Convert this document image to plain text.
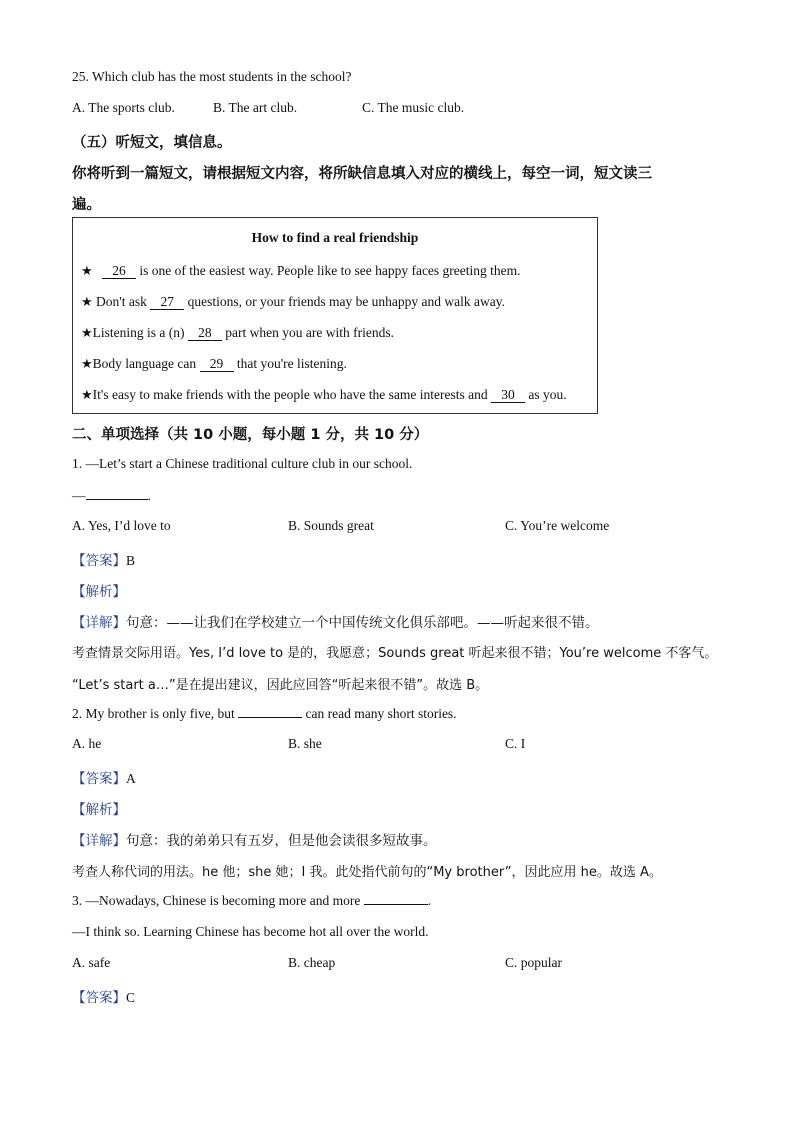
25. Which club has the most students in the school?
A. The sports club.	B. The art club.	C. The music club.
（五）听短文，填信息。
你将听到一篇短文，请根据短文内容，将所缺信息填入对应的横线上，每空一词，短文读三
遍。
How to find a real friendship
★ 26 is one of the easiest way. People like to see happy faces greeting them.
★ Don't ask 27 questions, or your friends may be unhappy and walk away.
★Listening is a (n) 28 part when you are with friends.
★Body language can 29 that you're listening.
★It's easy to make friends with the people who have the same interests and 30 as you.
二、单项选择（共 10 小题，每小题 1 分，共 10 分）
1. —Let’s start a Chinese traditional culture club in our school.
—	.
A. Yes, I’d love to	B. Sounds great	C. You’re welcome
【答案】B
【解析】
【详解】句意：——让我们在学校建立一个中国传统文化俱乐部吧。——听起来很不错。
考查情景交际用语。Yes, I’d love to 是的，我愿意；Sounds great 听起来很不错；You’re welcome 不客气。
“Let’s start a…”是在提出建议，因此应回答“听起来很不错”。故选 B。
2. My brother is only five, but	can read many short stories.
A. he	B. she	C. I
【答案】A
【解析】
【详解】句意：我的弟弟只有五岁，但是他会读很多短故事。
考查人称代词的用法。he 他；she 她；I 我。此处指代前句的“My brother”，因此应用 he。故选 A。
3. —Nowadays, Chinese is becoming more and more	.
—I think so. Learning Chinese has become hot all over the world.
A. safe	B. cheap	C. popular
【答案】C
